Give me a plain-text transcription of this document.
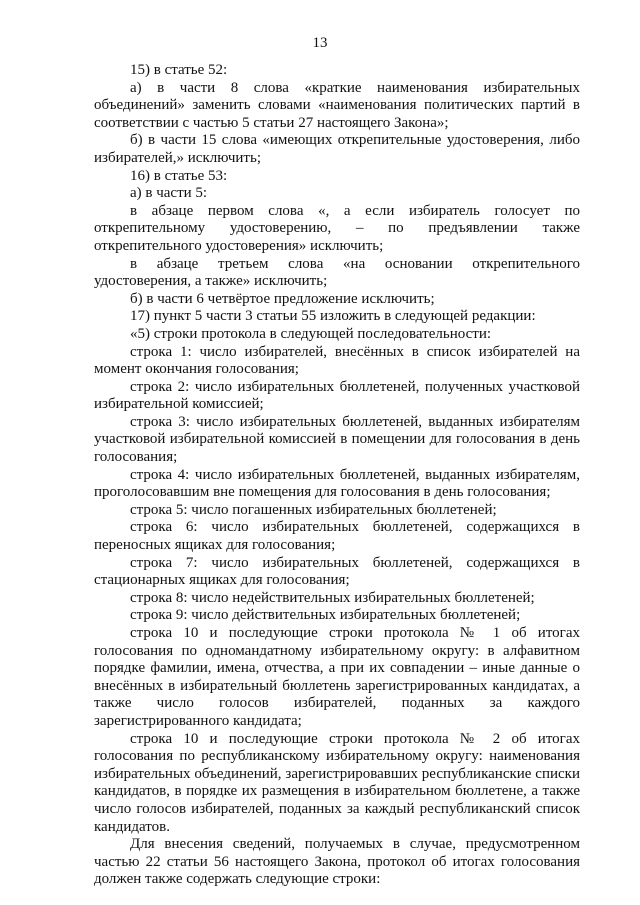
13

15) в статье 52:

а) в части 8 слова «краткие наименования избирательных объединений» заменить словами «наименования политических партий в соответствии с частью 5 статьи 27 настоящего Закона»;

б) в части 15 слова «имеющих открепительные удостоверения, либо избирателей,» исключить;

16) в статье 53:

а) в части 5:

в абзаце первом слова «, а если избиратель голосует по открепительному удостоверению, – по предъявлении также открепительного удостоверения» исключить;

в абзаце третьем слова «на основании открепительного удостоверения, а также» исключить;

б) в части 6 четвёртое предложение исключить;

17) пункт 5 части 3 статьи 55 изложить в следующей редакции:

«5) строки протокола в следующей последовательности:

строка 1: число избирателей, внесённых в список избирателей на момент окончания голосования;

строка 2: число избирательных бюллетеней, полученных участковой избирательной комиссией;

строка 3: число избирательных бюллетеней, выданных избирателям участковой избирательной комиссией в помещении для голосования в день голосования;

строка 4: число избирательных бюллетеней, выданных избирателям, проголосовавшим вне помещения для голосования в день голосования;

строка 5: число погашенных избирательных бюллетеней;

строка 6: число избирательных бюллетеней, содержащихся в переносных ящиках для голосования;

строка 7: число избирательных бюллетеней, содержащихся в стационарных ящиках для голосования;

строка 8: число недействительных избирательных бюллетеней;

строка 9: число действительных избирательных бюллетеней;

строка 10 и последующие строки протокола № 1 об итогах голосования по одномандатному избирательному округу: в алфавитном порядке фамилии, имена, отчества, а при их совпадении – иные данные о внесённых в избирательный бюллетень зарегистрированных кандидатах, а также число голосов избирателей, поданных за каждого зарегистрированного кандидата;

строка 10 и последующие строки протокола № 2 об итогах голосования по республиканскому избирательному округу: наименования избирательных объединений, зарегистрировавших республиканские списки кандидатов, в порядке их размещения в избирательном бюллетене, а также число голосов избирателей, поданных за каждый республиканский список кандидатов.

Для внесения сведений, получаемых в случае, предусмотренном частью 22 статьи 56 настоящего Закона, протокол об итогах голосования должен также содержать следующие строки:
